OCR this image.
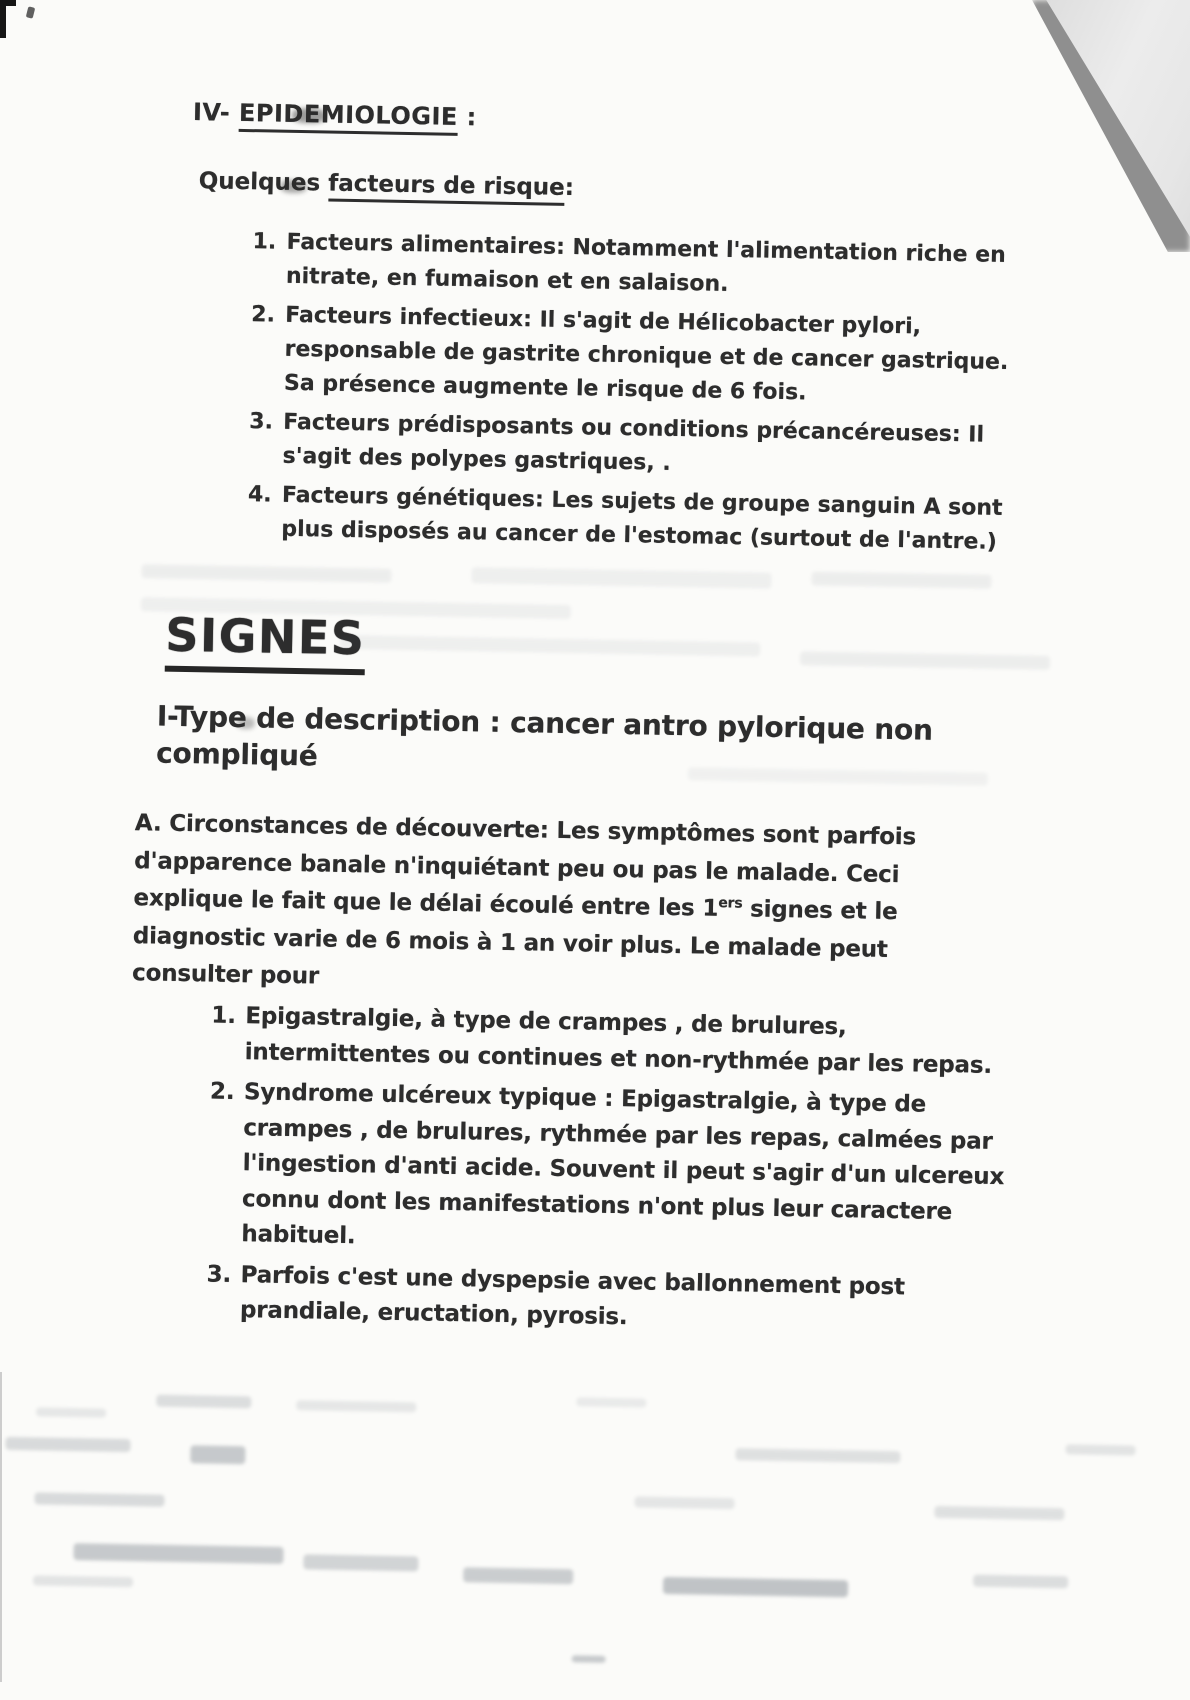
IV- EPIDEMIOLOGIE :
Quelques facteurs de risque:
1. Facteurs alimentaires: Notamment l'alimentation riche en nitrate, en fumaison et en salaison.
2. Facteurs infectieux: Il s'agit de Hélicobacter pylori, responsable de gastrite chronique et de cancer gastrique. Sa présence augmente le risque de 6 fois.
3. Facteurs prédisposants ou conditions précancéreuses: Il s'agit des polypes gastriques, .
4. Facteurs génétiques: Les sujets de groupe sanguin A sont plus disposés au cancer de l'estomac (surtout de l'antre.)
SIGNES
I-Type de description : cancer antro pylorique non compliqué
A. Circonstances de découverte: Les symptômes sont parfois d'apparence banale n'inquiétant peu ou pas le malade. Ceci explique le fait que le délai écoulé entre les 1ers signes et le diagnostic varie de 6 mois à 1 an voir plus. Le malade peut consulter pour
1. Epigastralgie, à type de crampes , de brulures, intermittentes ou continues et non-rythmée par les repas.
2. Syndrome ulcéreux typique : Epigastralgie, à type de crampes , de brulures, rythmée par les repas, calmées par l'ingestion d'anti acide. Souvent il peut s'agir d'un ulcereux connu dont les manifestations n'ont plus leur caractere habituel.
3. Parfois c'est une dyspepsie avec ballonnement post prandiale, eructation, pyrosis.
